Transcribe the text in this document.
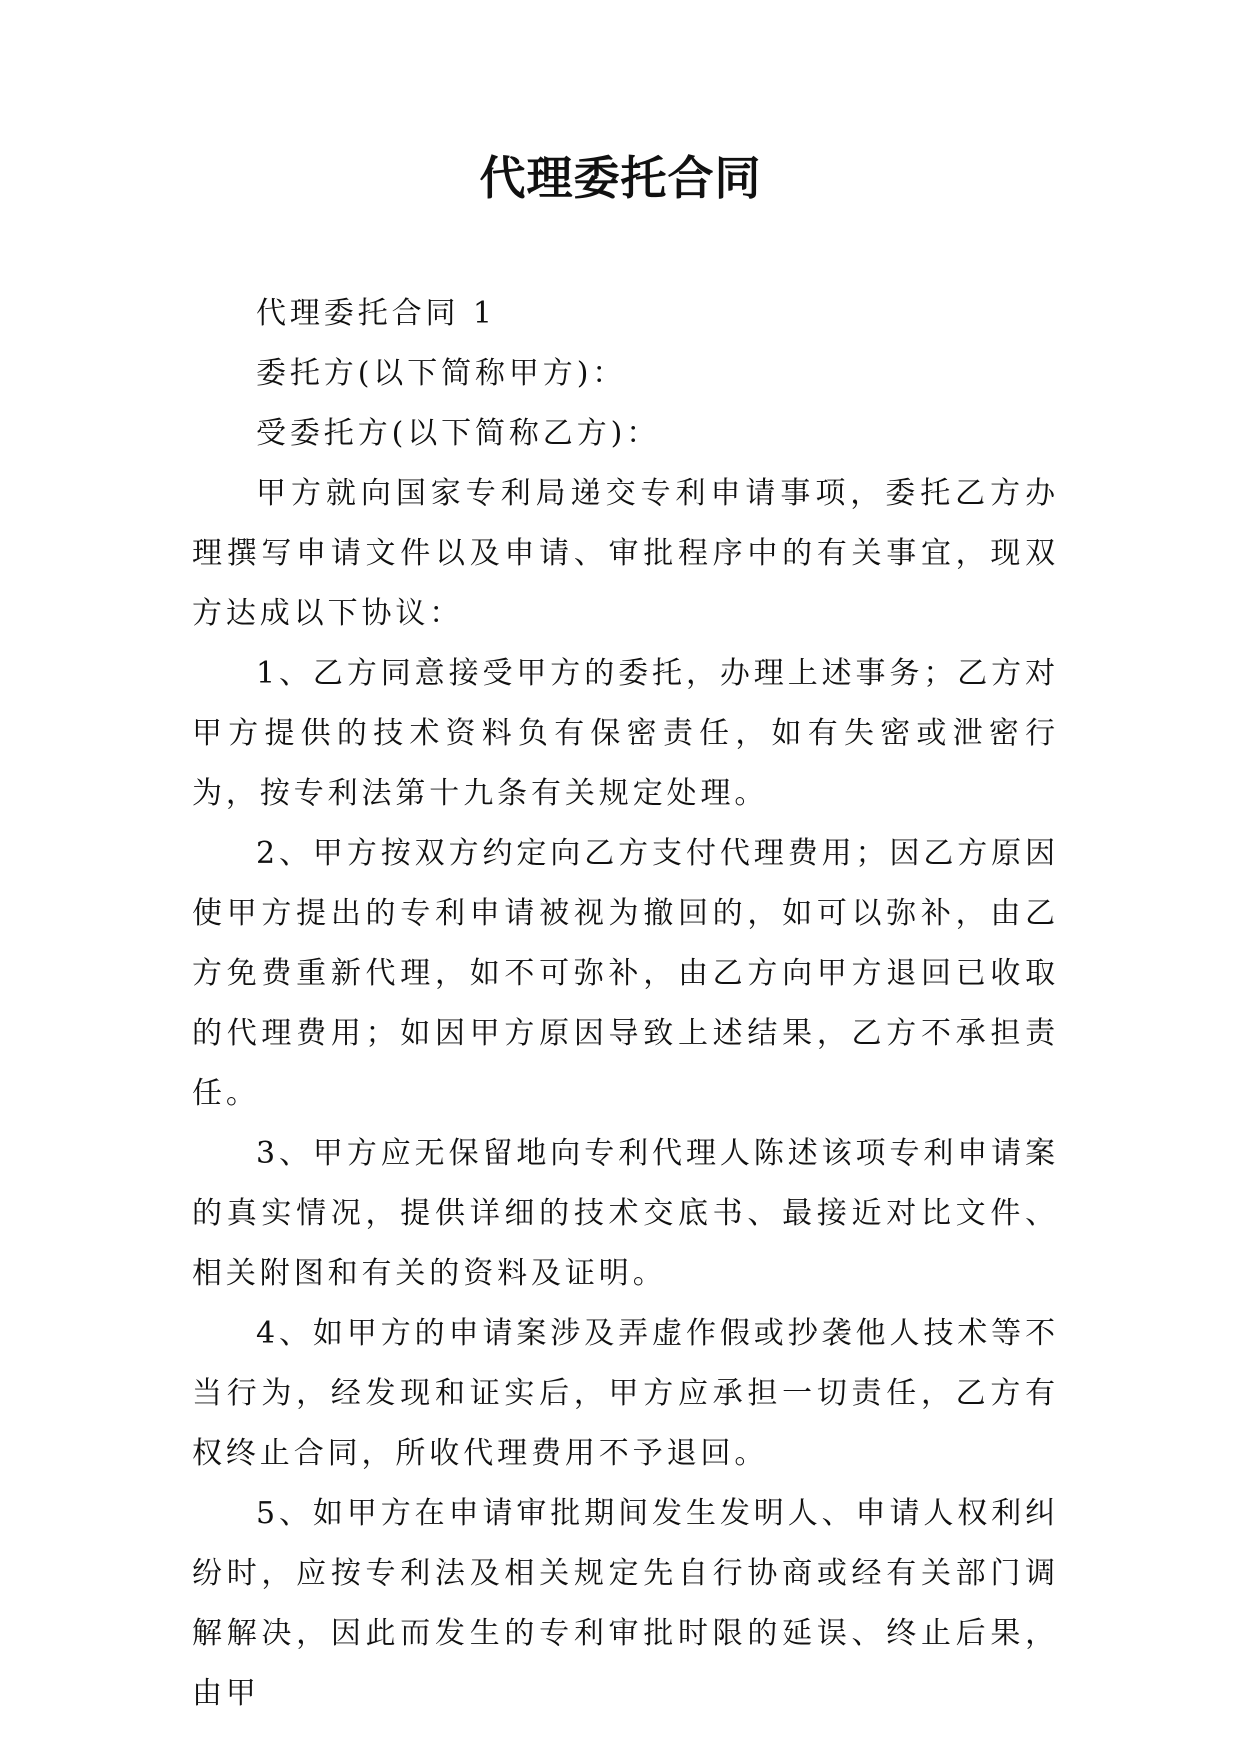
代理委托合同

代理委托合同 1

委托方(以下简称甲方)：

受委托方(以下简称乙方)：

甲方就向国家专利局递交专利申请事项，委托乙方办理撰写申请文件以及申请、审批程序中的有关事宜，现双方达成以下协议：

1、乙方同意接受甲方的委托，办理上述事务；乙方对甲方提供的技术资料负有保密责任，如有失密或泄密行为，按专利法第十九条有关规定处理。

2、甲方按双方约定向乙方支付代理费用；因乙方原因使甲方提出的专利申请被视为撤回的，如可以弥补，由乙方免费重新代理，如不可弥补，由乙方向甲方退回已收取的代理费用；如因甲方原因导致上述结果，乙方不承担责任。

3、甲方应无保留地向专利代理人陈述该项专利申请案的真实情况，提供详细的技术交底书、最接近对比文件、相关附图和有关的资料及证明。

4、如甲方的申请案涉及弄虚作假或抄袭他人技术等不当行为，经发现和证实后，甲方应承担一切责任，乙方有权终止合同，所收代理费用不予退回。

5、如甲方在申请审批期间发生发明人、申请人权利纠纷时，应按专利法及相关规定先自行协商或经有关部门调解解决，因此而发生的专利审批时限的延误、终止后果，由甲
